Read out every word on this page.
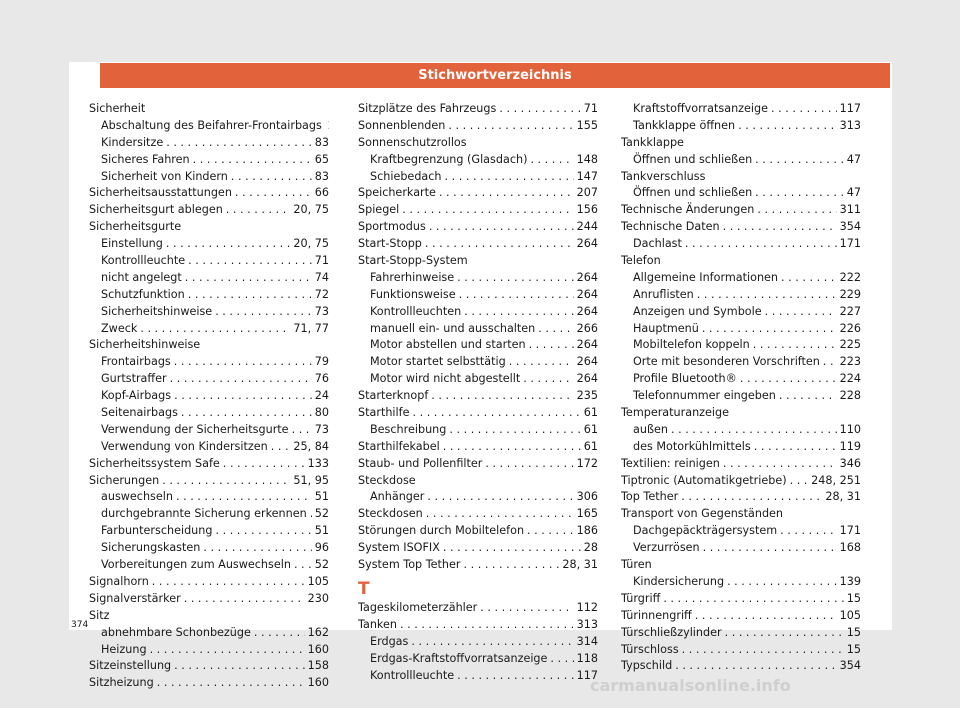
Stichwortverzeichnis
Sicherheit
Abschaltung des Beifahrer-Frontairbags
Kindersitze . . .	83
Sicheres Fahren . . .	65
Sicherheit von Kindern . . .	83
Sicherheitsausstattungen . . .	66
Sicherheitsgurt ablegen . . .	20, 75
Sicherheitsgurte
Einstellung . . .	20, 75
Kontrollleuchte . . .	71
nicht angelegt . . .	74
Schutzfunktion . . .	72
Sicherheitshinweise . . .	73
Zweck . . .	71, 77
Sicherheitshinweise
Frontairbags . . .	79
Gurtstraffer . . .	76
Kopf-Airbags . . .	24
Seitenairbags . . .	80
Verwendung der Sicherheitsgurte . . . 73
Verwendung von Kindersitzen . . . 25, 84
Sicherheitssystem Safe . . .	133
Sicherungen . . .	51, 95
auswechseln . . .	51
durchgebrannte Sicherung erkennen . . . 52
Farbunterscheidung . . .	51
Sicherungskasten . . .	96
Vorbereitungen zum Auswechseln . . . 52
Signalhorn . . .	105
Signalverstärker . . .	230
Sitz
abnehmbare Schonbezüge . . .	162
Heizung . . .	160
Sitzeinstellung . . .	158
Sitzheizung . . .	160
Sitzplätze des Fahrzeugs . . .	71
Sonnenblenden . . .	155
Sonnenschutzrollos
Kraftbegrenzung (Glasdach) . . .	148
Schiebedach . . .	147
Speicherkarte . . .	207
Spiegel . . .	156
Sportmodus . . .	244
Start-Stopp . . .	264
Start-Stopp-System
Fahrerhinweise . . .	264
Funktionsweise . . .	264
Kontrollleuchten . . .	264
manuell ein- und ausschalten . . .	266
Motor abstellen und starten . . .	264
Motor startet selbsttätig . . .	264
Motor wird nicht abgestellt . . .	264
Starterknopf . . .	235
Starthilfe . . .	61
Beschreibung . . .	61
Starthilfekabel . . .	61
Staub- und Pollenfilter . . .	172
Steckdose
Anhänger . . .	306
Steckdosen . . .	165
Störungen durch Mobiltelefon . . .	186
System ISOFIX . . .	28
System Top Tether . . .	28, 31
T
Tageskilometerzähler . . .	112
Tanken . . .	313
Erdgas . . .	314
Erdgas-Kraftstoffvorratsanzeige . . .	118
Kontrollleuchte . . .	117
Kraftstoffvorratsanzeige . . .	117
Tankklappe öffnen . . .	313
Tankklappe
Öffnen und schließen . . .	47
Tankverschluss
Öffnen und schließen . . .	47
Technische Änderungen . . .	311
Technische Daten . . .	354
Dachlast . . .	171
Telefon
Allgemeine Informationen . . .	222
Anruflisten . . .	229
Anzeigen und Symbole . . .	227
Hauptmenü . . .	226
Mobiltelefon koppeln . . .	225
Orte mit besonderen Vorschriften . . . 223
Profile Bluetooth® . . .	224
Telefonnummer eingeben . . .	228
Temperaturanzeige
außen . . .	110
des Motorkühlmittels . . .	119
Textilien: reinigen . . .	346
Tiptronic (Automatikgetriebe) . . . 248, 251
Top Tether . . .	28, 31
Transport von Gegenständen
Dachgepäckträgersystem . . .	171
Verzurrösen . . .	168
Türen
Kindersicherung . . .	139
Türgriff . . .	15
Türinnengriff . . .	105
Türschließzylinder . . .	15
Türschloss . . .	15
Typschild . . .	354
374
carmanualsonline.info
